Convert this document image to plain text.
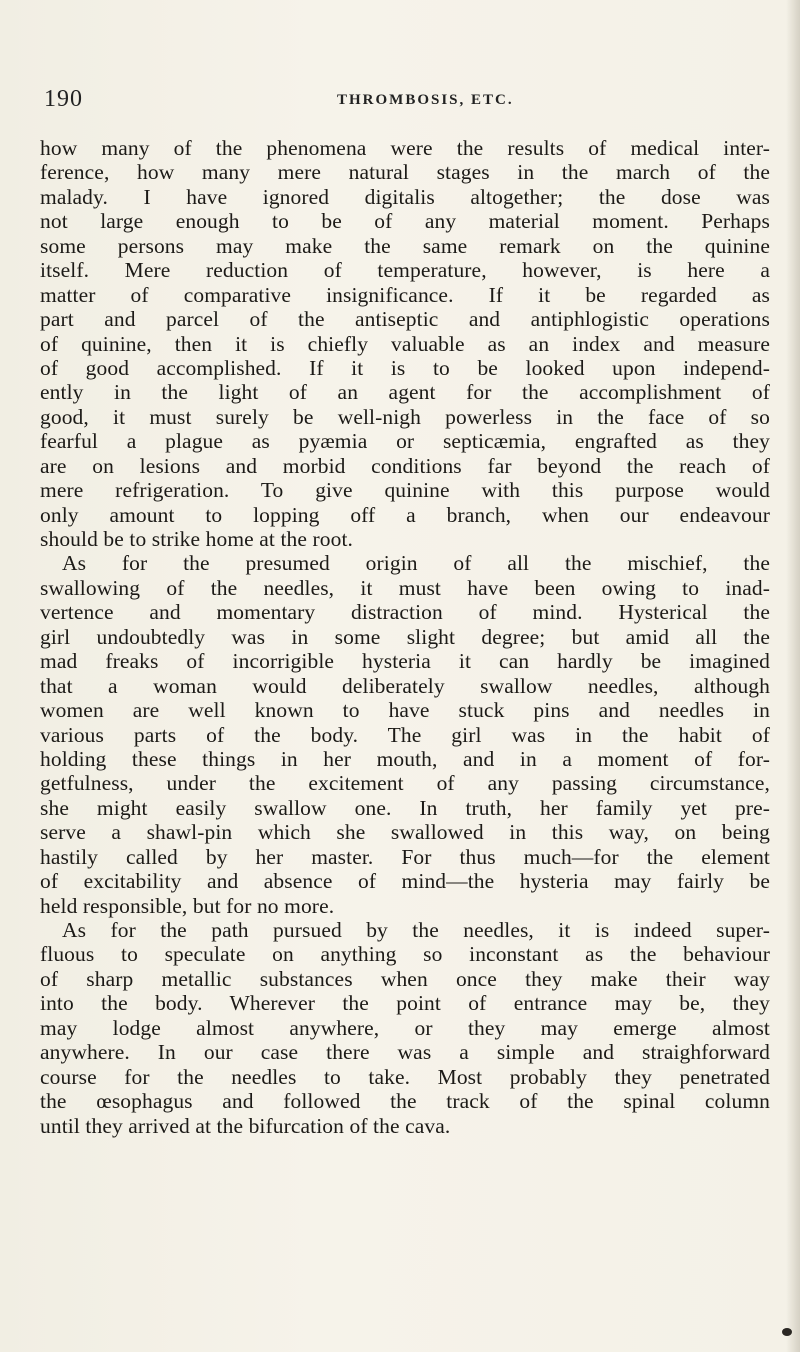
190	THROMBOSIS, ETC.
how many of the phenomena were the results of medical inter-
ference, how many mere natural stages in the march of the
malady. I have ignored digitalis altogether; the dose was
not large enough to be of any material moment. Perhaps
some persons may make the same remark on the quinine
itself. Mere reduction of temperature, however, is here a
matter of comparative insignificance. If it be regarded as
part and parcel of the antiseptic and antiphlogistic operations
of quinine, then it is chiefly valuable as an index and measure
of good accomplished. If it is to be looked upon independ-
ently in the light of an agent for the accomplishment of
good, it must surely be well-nigh powerless in the face of so
fearful a plague as pyæmia or septicæmia, engrafted as they
are on lesions and morbid conditions far beyond the reach of
mere refrigeration. To give quinine with this purpose would
only amount to lopping off a branch, when our endeavour
should be to strike home at the root.
As for the presumed origin of all the mischief, the
swallowing of the needles, it must have been owing to inad-
vertence and momentary distraction of mind. Hysterical the
girl undoubtedly was in some slight degree; but amid all the
mad freaks of incorrigible hysteria it can hardly be imagined
that a woman would deliberately swallow needles, although
women are well known to have stuck pins and needles in
various parts of the body. The girl was in the habit of
holding these things in her mouth, and in a moment of for-
getfulness, under the excitement of any passing circumstance,
she might easily swallow one. In truth, her family yet pre-
serve a shawl-pin which she swallowed in this way, on being
hastily called by her master. For thus much—for the element
of excitability and absence of mind—the hysteria may fairly be
held responsible, but for no more.
As for the path pursued by the needles, it is indeed super-
fluous to speculate on anything so inconstant as the behaviour
of sharp metallic substances when once they make their way
into the body. Wherever the point of entrance may be, they
may lodge almost anywhere, or they may emerge almost
anywhere. In our case there was a simple and straighforward
course for the needles to take. Most probably they penetrated
the œsophagus and followed the track of the spinal column
until they arrived at the bifurcation of the cava.
